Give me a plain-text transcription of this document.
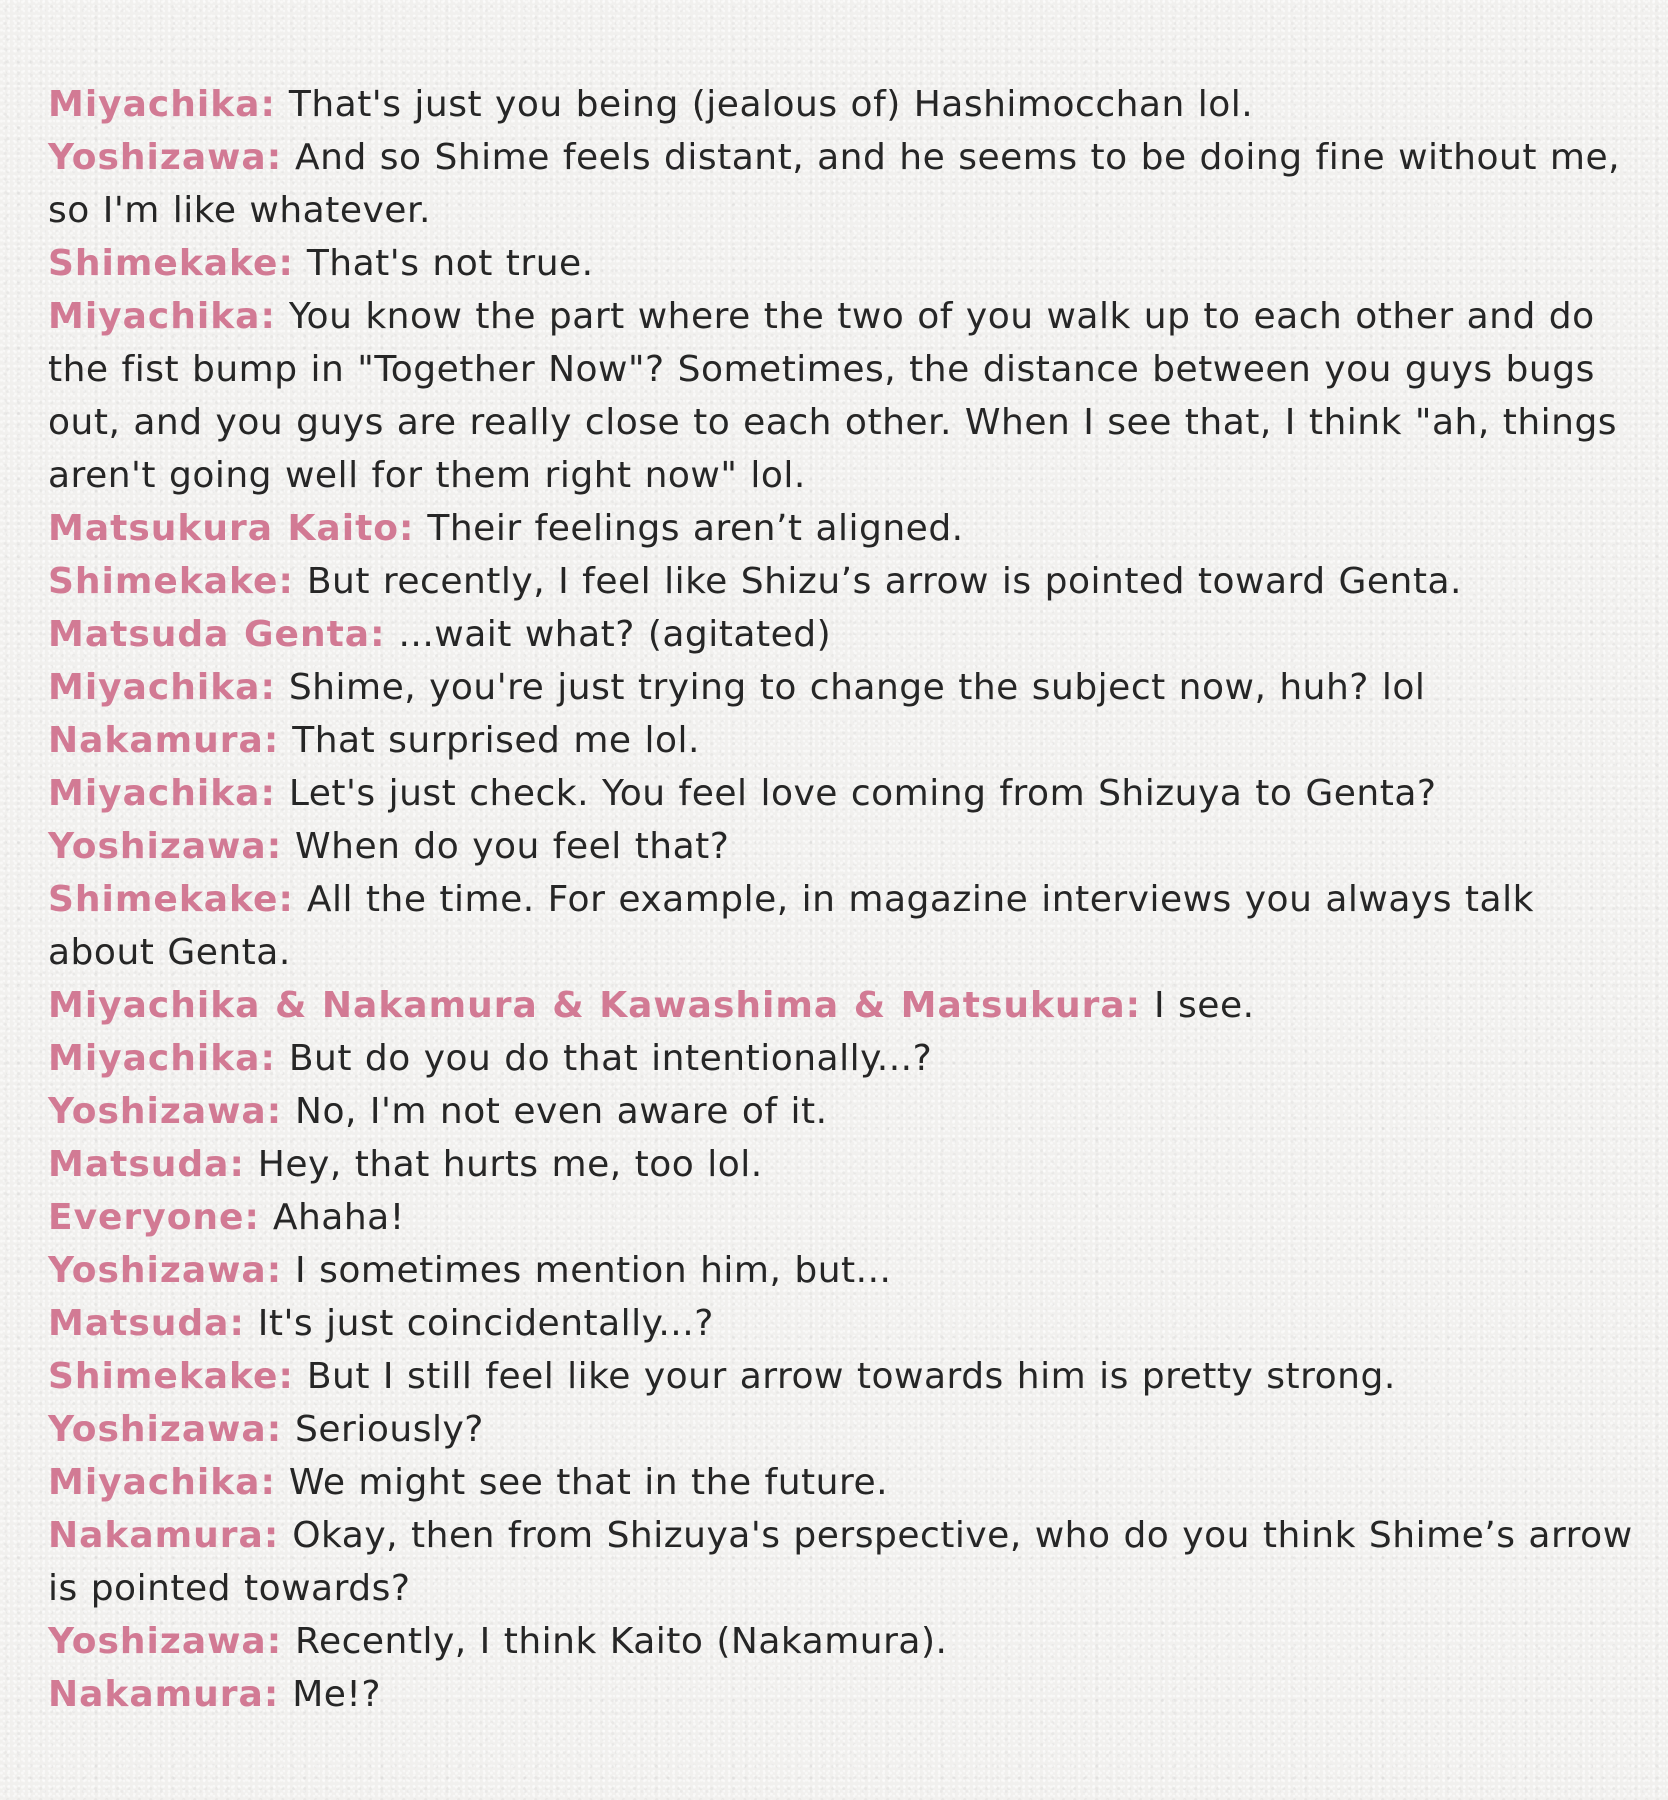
Miyachika: That's just you being (jealous of) Hashimocchan lol.

Yoshizawa: And so Shime feels distant, and he seems to be doing fine without me, so I'm like whatever.

Shimekake: That's not true.

Miyachika: You know the part where the two of you walk up to each other and do the fist bump in "Together Now"? Sometimes, the distance between you guys bugs out, and you guys are really close to each other. When I see that, I think "ah, things aren't going well for them right now" lol.

Matsukura Kaito: Their feelings aren’t aligned.

Shimekake: But recently, I feel like Shizu’s arrow is pointed toward Genta.

Matsuda Genta: ...wait what? (agitated)

Miyachika: Shime, you're just trying to change the subject now, huh? lol

Nakamura: That surprised me lol.

Miyachika: Let's just check. You feel love coming from Shizuya to Genta?

Yoshizawa: When do you feel that?

Shimekake: All the time. For example, in magazine interviews you always talk about Genta.

Miyachika & Nakamura & Kawashima & Matsukura: I see.

Miyachika: But do you do that intentionally...?

Yoshizawa: No, I'm not even aware of it.

Matsuda: Hey, that hurts me, too lol.

Everyone: Ahaha!

Yoshizawa: I sometimes mention him, but...

Matsuda: It's just coincidentally...?

Shimekake: But I still feel like your arrow towards him is pretty strong.

Yoshizawa: Seriously?

Miyachika: We might see that in the future.

Nakamura: Okay, then from Shizuya's perspective, who do you think Shime’s arrow is pointed towards?

Yoshizawa: Recently, I think Kaito (Nakamura).

Nakamura: Me!?
